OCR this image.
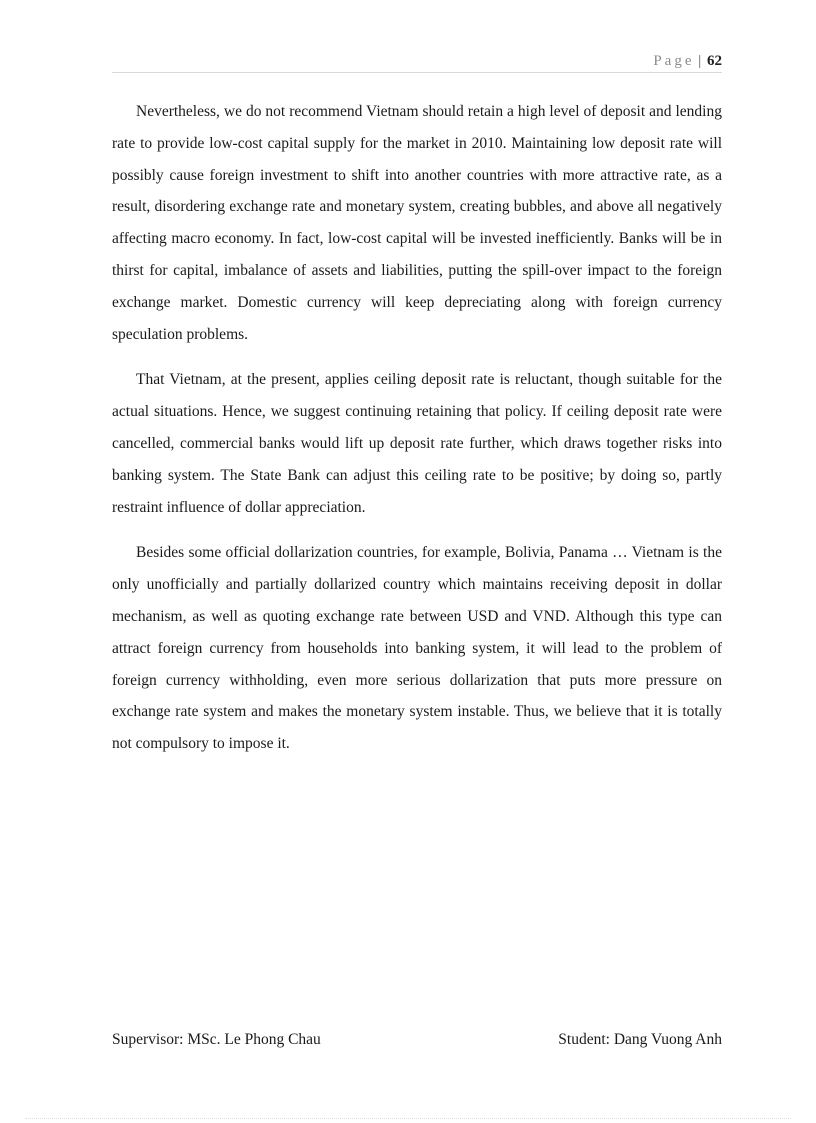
Page | 62

Nevertheless, we do not recommend Vietnam should retain a high level of deposit and lending rate to provide low-cost capital supply for the market in 2010. Maintaining low deposit rate will possibly cause foreign investment to shift into another countries with more attractive rate, as a result, disordering exchange rate and monetary system, creating bubbles, and above all negatively affecting macro economy. In fact, low-cost capital will be invested inefficiently. Banks will be in thirst for capital, imbalance of assets and liabilities, putting the spill-over impact to the foreign exchange market. Domestic currency will keep depreciating along with foreign currency speculation problems.

That Vietnam, at the present, applies ceiling deposit rate is reluctant, though suitable for the actual situations. Hence, we suggest continuing retaining that policy. If ceiling deposit rate were cancelled, commercial banks would lift up deposit rate further, which draws together risks into banking system. The State Bank can adjust this ceiling rate to be positive; by doing so, partly restraint influence of dollar appreciation.

Besides some official dollarization countries, for example, Bolivia, Panama … Vietnam is the only unofficially and partially dollarized country which maintains receiving deposit in dollar mechanism, as well as quoting exchange rate between USD and VND. Although this type can attract foreign currency from households into banking system, it will lead to the problem of foreign currency withholding, even more serious dollarization that puts more pressure on exchange rate system and makes the monetary system instable. Thus, we believe that it is totally not compulsory to impose it.

Supervisor: MSc. Le Phong Chau	Student: Dang Vuong Anh
